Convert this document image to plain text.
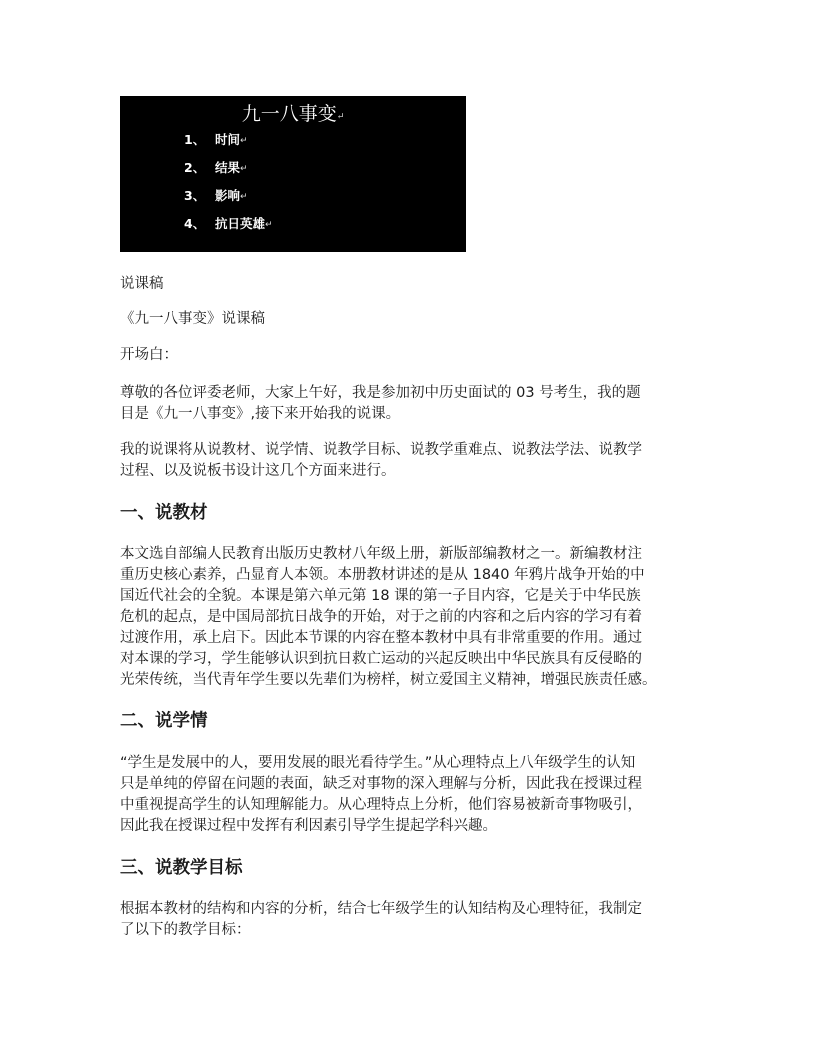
九一八事变↵
1、 时间↵
2、 结果↵
3、 影响↵
4、 抗日英雄↵

说课稿

《九一八事变》说课稿

开场白：

尊敬的各位评委老师，大家上午好，我是参加初中历史面试的 03 号考生，我的题

目是《九一八事变》,接下来开始我的说课。

我的说课将从说教材、说学情、说教学目标、说教学重难点、说教法学法、说教学

过程、以及说板书设计这几个方面来进行。

一、说教材

本文选自部编人民教育出版历史教材八年级上册，新版部编教材之一。新编教材注

重历史核心素养，凸显育人本领。本册教材讲述的是从 1840 年鸦片战争开始的中

国近代社会的全貌。本课是第六单元第 18 课的第一子目内容，它是关于中华民族

危机的起点，是中国局部抗日战争的开始，对于之前的内容和之后内容的学习有着

过渡作用，承上启下。因此本节课的内容在整本教材中具有非常重要的作用。通过

对本课的学习，学生能够认识到抗日救亡运动的兴起反映出中华民族具有反侵略的

光荣传统，当代青年学生要以先辈们为榜样，树立爱国主义精神，增强民族责任感。

二、说学情

“学生是发展中的人，要用发展的眼光看待学生。”从心理特点上八年级学生的认知

只是单纯的停留在问题的表面，缺乏对事物的深入理解与分析，因此我在授课过程

中重视提高学生的认知理解能力。从心理特点上分析，他们容易被新奇事物吸引，

因此我在授课过程中发挥有利因素引导学生提起学科兴趣。

三、说教学目标

根据本教材的结构和内容的分析，结合七年级学生的认知结构及心理特征，我制定

了以下的教学目标：
